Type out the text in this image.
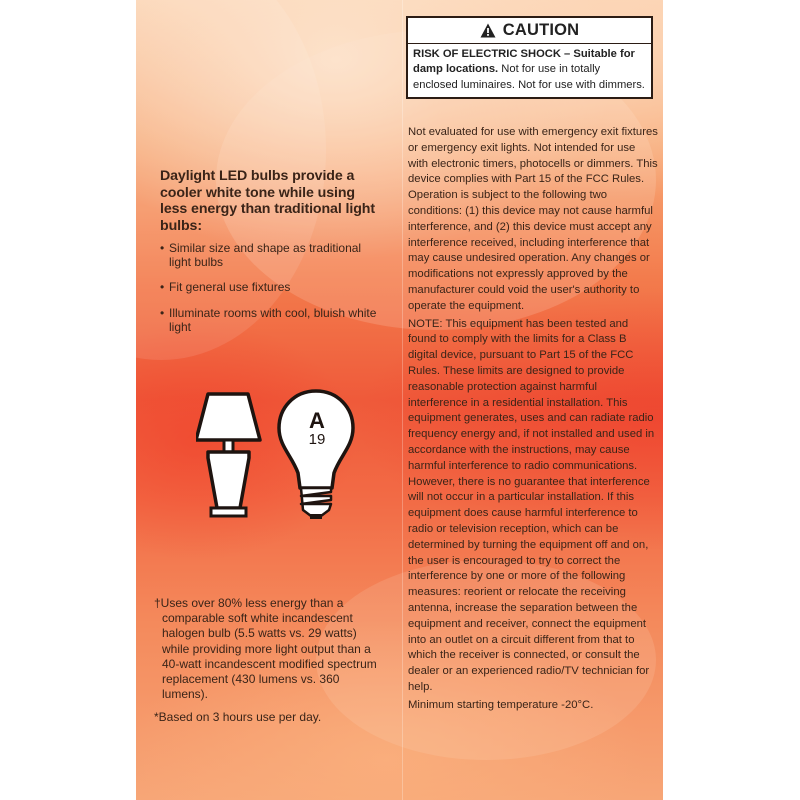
Daylight LED bulbs provide a cooler white tone while using less energy than traditional light bulbs:

• Similar size and shape as traditional light bulbs
• Fit general use fixtures
• Illuminate rooms with cool, bluish white light
A
19

†Uses over 80% less energy than a comparable soft white incandescent halogen bulb (5.5 watts vs. 29 watts) while providing more light output than a 40-watt incandescent modified spectrum replacement (430 lumens vs. 360 lumens).

*Based on 3 hours use per day.

CAUTION
RISK OF ELECTRIC SHOCK – Suitable for damp locations. Not for use in totally enclosed luminaires. Not for use with dimmers.

Not evaluated for use with emergency exit fixtures or emergency exit lights. Not intended for use with electronic timers, photocells or dimmers. This device complies with Part 15 of the FCC Rules. Operation is subject to the following two conditions: (1) this device may not cause harmful interference, and (2) this device must accept any interference received, including interference that may cause undesired operation. Any changes or modifications not expressly approved by the manufacturer could void the user's authority to operate the equipment.

NOTE: This equipment has been tested and found to comply with the limits for a Class B digital device, pursuant to Part 15 of the FCC Rules. These limits are designed to provide reasonable protection against harmful interference in a residential installation. This equipment generates, uses and can radiate radio frequency energy and, if not installed and used in accordance with the instructions, may cause harmful interference to radio communications. However, there is no guarantee that interference will not occur in a particular installation. If this equipment does cause harmful interference to radio or television reception, which can be determined by turning the equipment off and on, the user is encouraged to try to correct the interference by one or more of the following measures: reorient or relocate the receiving antenna, increase the separation between the equipment and receiver, connect the equipment into an outlet on a circuit different from that to which the receiver is connected, or consult the dealer or an experienced radio/TV technician for help.

Minimum starting temperature -20°C.
